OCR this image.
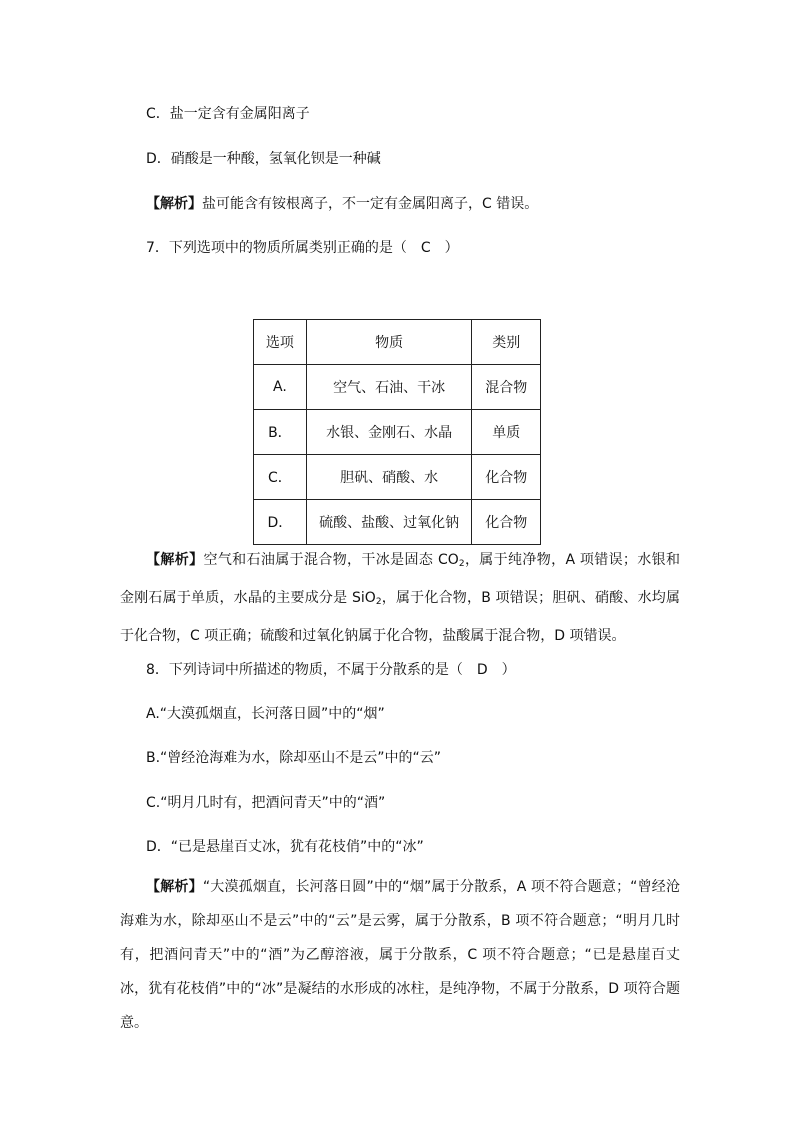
C．盐一定含有金属阳离子
D．硝酸是一种酸，氢氧化钡是一种碱
【解析】盐可能含有铵根离子，不一定有金属阳离子，C 错误。
7．下列选项中的物质所属类别正确的是（　C　）
选项	物质	类别
A.	空气、石油、干冰	混合物
B．	水银、金刚石、水晶	单质
C．	胆矾、硝酸、水	化合物
D．	硫酸、盐酸、过氧化钠	化合物
【解析】空气和石油属于混合物，干冰是固态 $CO_2$，属于纯净物，A 项错误；水银和金刚石属于单质，水晶的主要成分是 SiO$_2$，属于化合物，B 项错误；胆矾、硝酸、水均属于化合物，C 项正确；硫酸和过氧化钠属于化合物，盐酸属于混合物，D 项错误。
8．下列诗词中所描述的物质，不属于分散系的是（　D　）
A.“大漠孤烟直，长河落日圆”中的“烟”
B.“曾经沧海难为水，除却巫山不是云”中的“云”
C.“明月几时有，把酒问青天”中的“酒”
D．“已是悬崖百丈冰，犹有花枝俏”中的“冰”
【解析】“大漠孤烟直，长河落日圆”中的“烟”属于分散系，A 项不符合题意；“曾经沧海难为水，除却巫山不是云”中的“云”是云雾，属于分散系，B 项不符合题意；“明月几时有，把酒问青天”中的“酒”为乙醇溶液，属于分散系，C 项不符合题意；“已是悬崖百丈冰，犹有花枝俏”中的“冰”是凝结的水形成的冰柱，是纯净物，不属于分散系，D 项符合题意。
